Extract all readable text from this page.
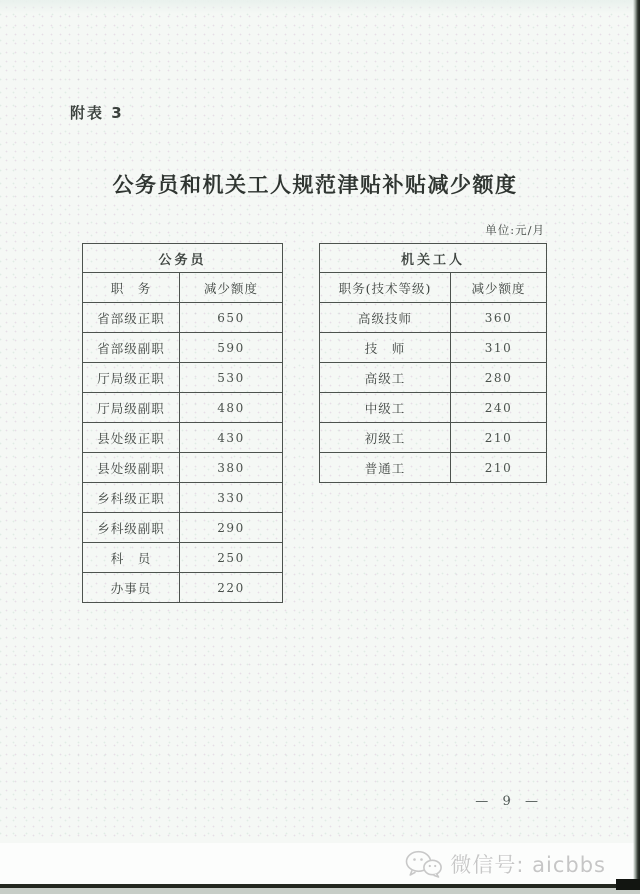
附表 3
公务员和机关工人规范津贴补贴减少额度
单位:元/月
公务员	
职　务	减少额度
省部级正职	650
省部级副职	590
厅局级正职	530
厅局级副职	480
县处级正职	430
县处级副职	380
乡科级正职	330
乡科级副职	290
科　员	250
办事员	220
机关工人	
职务(技术等级)	减少额度
高级技师	360
技　师	310
高级工	280
中级工	240
初级工	210
普通工	210
—  9  —
微信号: aicbbs
